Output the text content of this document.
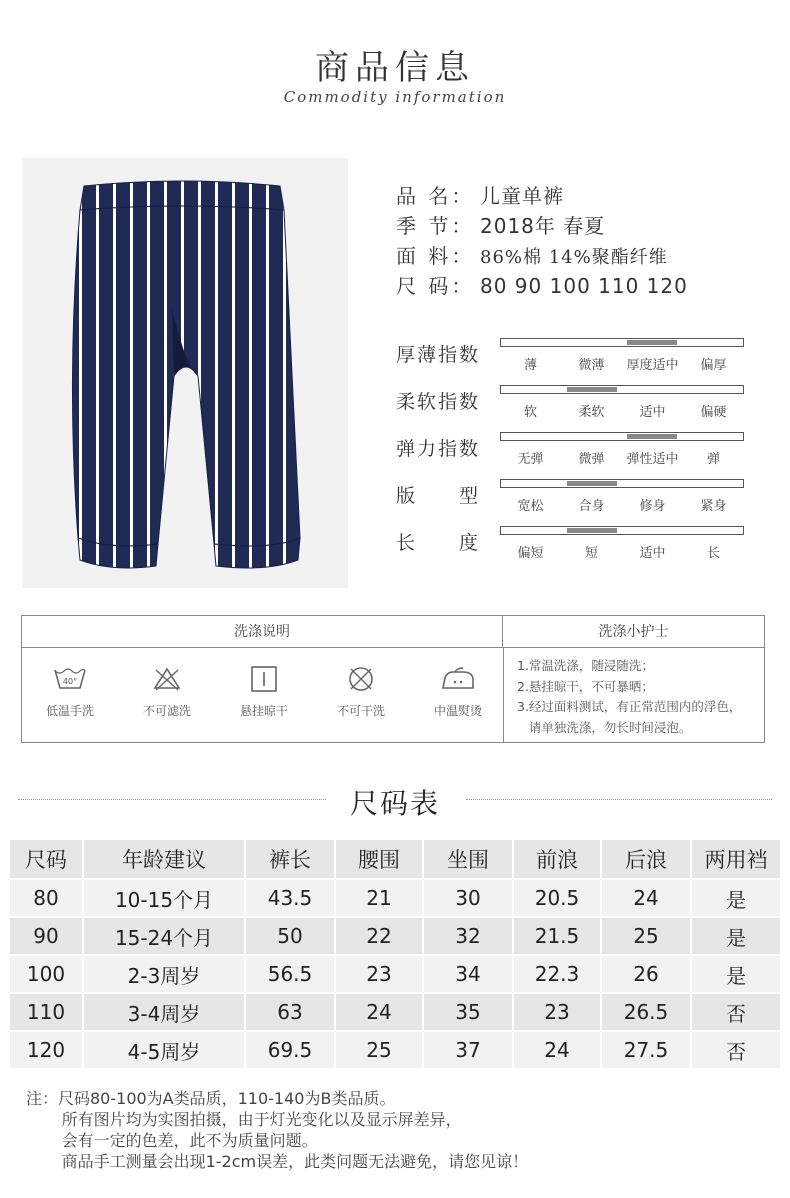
商品信息
Commodity information
品 名： 儿童单裤
季 节： 2018年 春夏
面 料： 86%棉 14%聚酯纤维
尺 码： 80 90 100 110 120
厚薄指数	薄	微薄	厚度适中	偏厚
柔软指数	软	柔软	适中	偏硬
弹力指数	无弹	微弹	弹性适中	弹
版　　型	宽松	合身	修身	紧身
长　　度	偏短	短	适中	长
洗涤说明	洗涤小护士
40°
低温手洗	不可滤洗	悬挂晾干	不可干洗	中温熨烫
1.常温洗涤，随浸随洗；
2.悬挂晾干，不可暴晒；
3.经过面料测试，有正常范围内的浮色，
请单独洗涤，勿长时间浸泡。
尺码表
尺码	年龄建议	裤长	腰围	坐围	前浪	后浪	两用裆
80	10-15个月	43.5	21	30	20.5	24	是
90	15-24个月	50	22	32	21.5	25	是
100	2-3周岁	56.5	23	34	22.3	26	是
110	3-4周岁	63	24	35	23	26.5	否
120	4-5周岁	69.5	25	37	24	27.5	否
注：尺码80-100为A类品质，110-140为B类品质。
所有图片均为实图拍摄，由于灯光变化以及显示屏差异，
会有一定的色差，此不为质量问题。
商品手工测量会出现1-2cm误差，此类问题无法避免，请您见谅！
